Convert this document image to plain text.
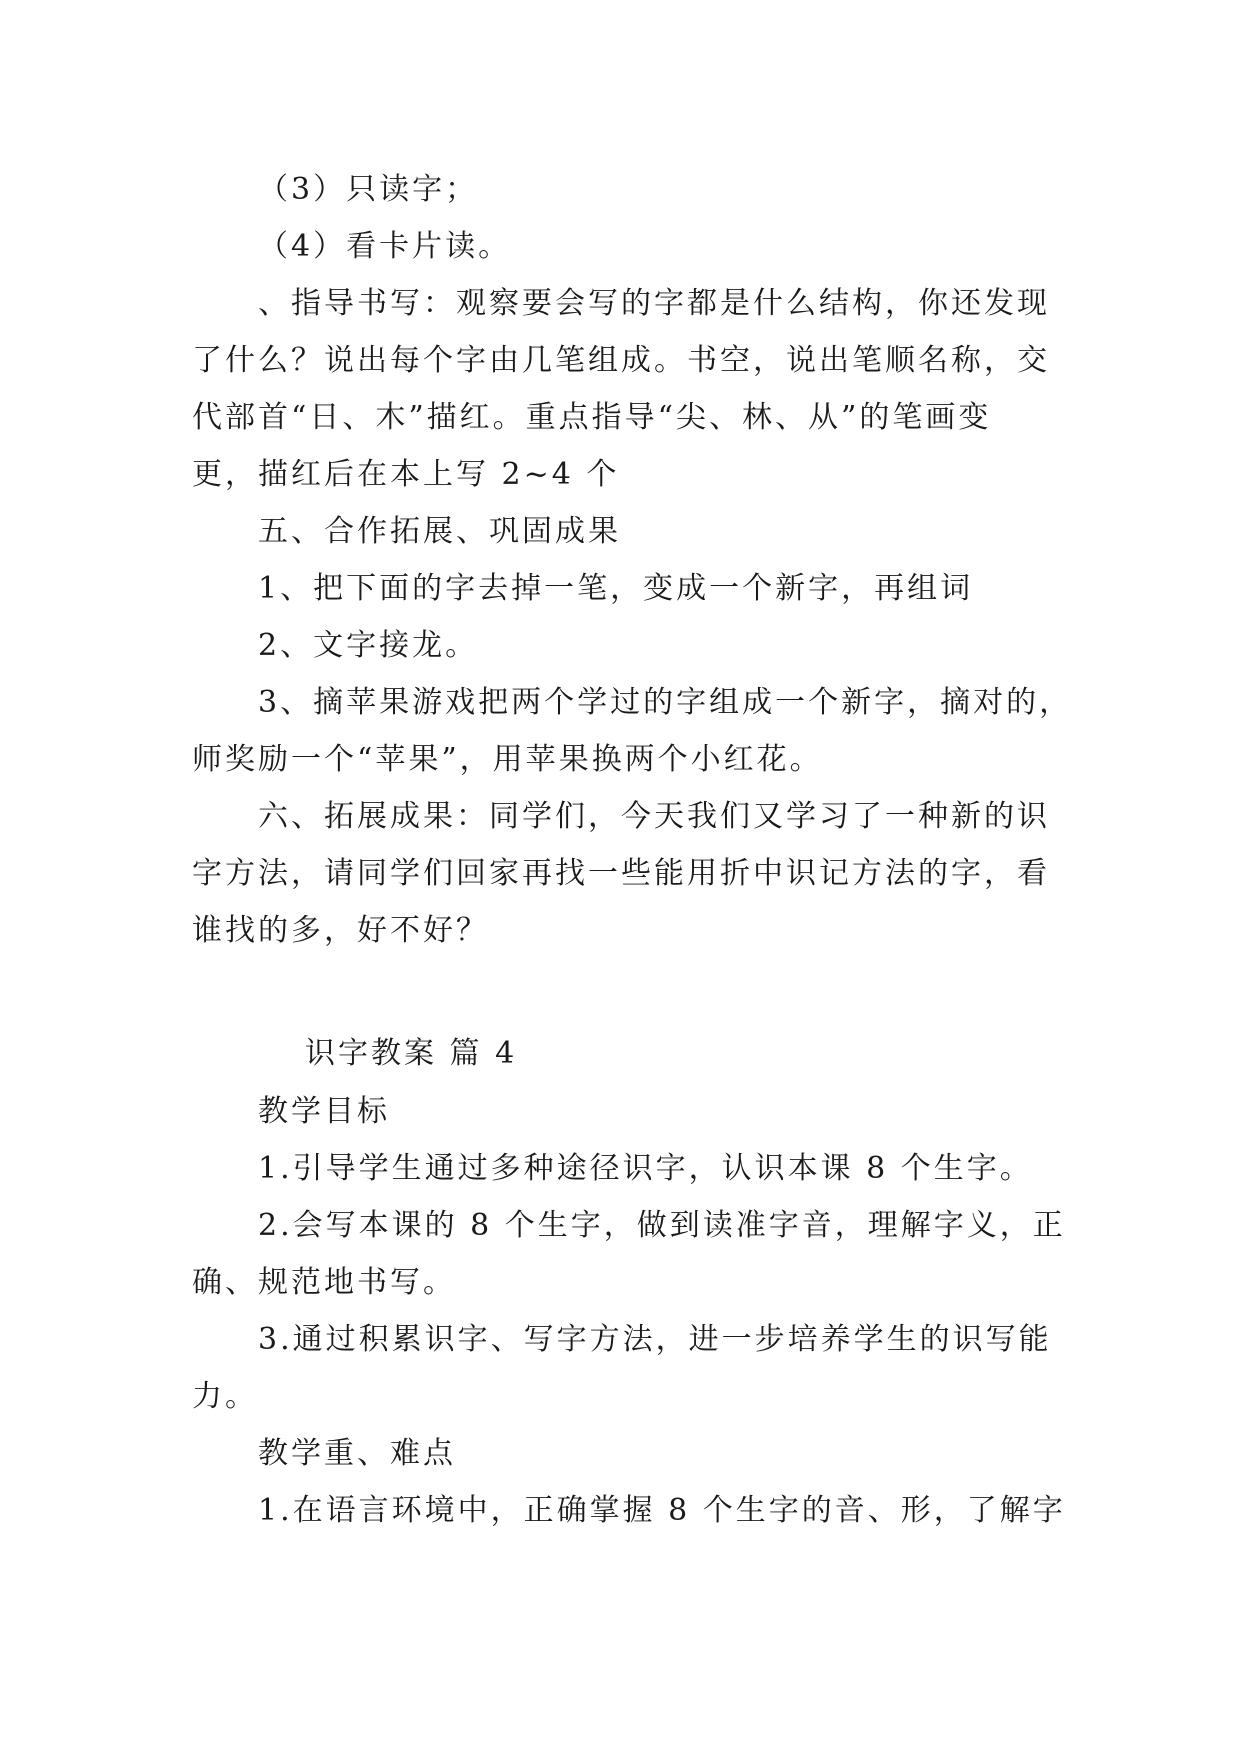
（3）只读字；
（4）看卡片读。
、指导书写：观察要会写的字都是什么结构，你还发现
了什么？说出每个字由几笔组成。书空，说出笔顺名称，交
代部首“日、木”描红。重点指导“尖、林、从”的笔画变
更，描红后在本上写 2~4 个
五、合作拓展、巩固成果
1、把下面的字去掉一笔，变成一个新字，再组词
2、文字接龙。
3、摘苹果游戏把两个学过的字组成一个新字，摘对的，
师奖励一个“苹果”，用苹果换两个小红花。
六、拓展成果：同学们，今天我们又学习了一种新的识
字方法，请同学们回家再找一些能用折中识记方法的字，看
谁找的多，好不好？
识字教案 篇 4
教学目标
1.引导学生通过多种途径识字，认识本课 8 个生字。
2.会写本课的 8 个生字，做到读准字音，理解字义，正
确、规范地书写。
3.通过积累识字、写字方法，进一步培养学生的识写能
力。
教学重、难点
1.在语言环境中，正确掌握 8 个生字的音、形，了解字
